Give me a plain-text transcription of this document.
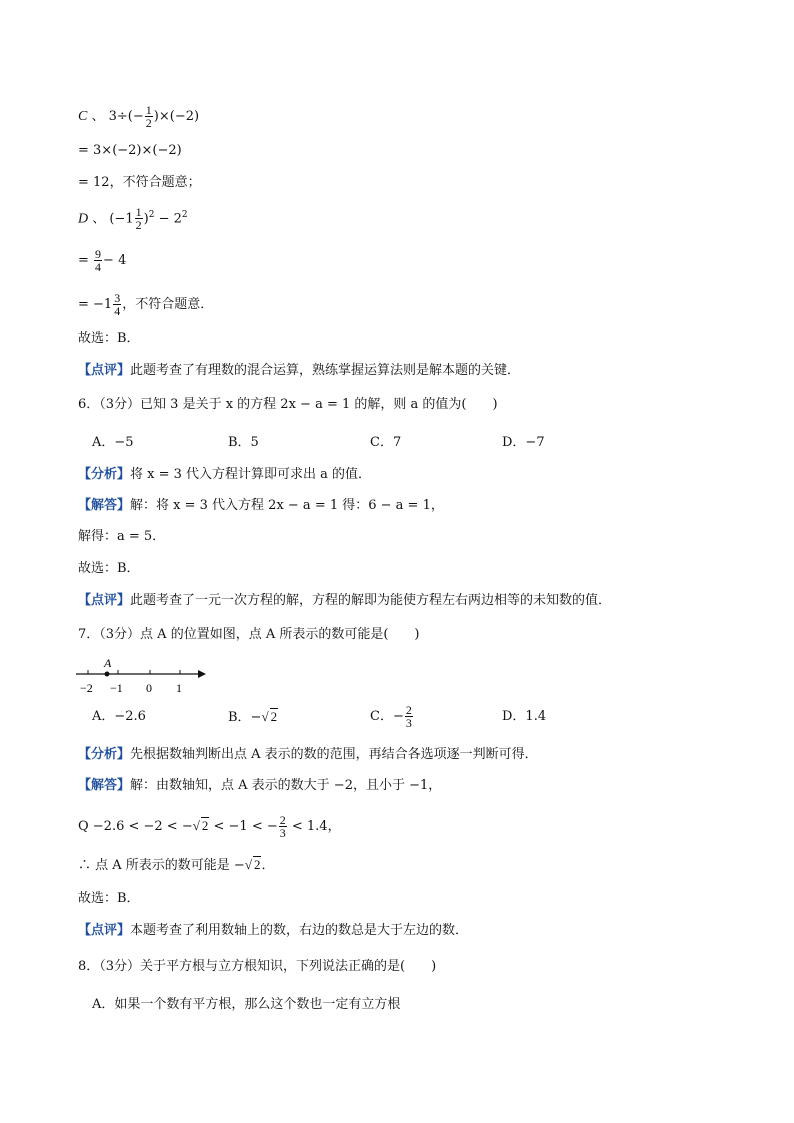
C 、 $3\div(- \frac{1}{2} )\times(-2)$
= 3×(−2)×(−2)
= 12，不符合题意；
D 、 $(-1 \frac{1}{2} )^2 - 2^2$
= $\frac{9}{4} - 4$
= $-1 \frac{3}{4}$ ，不符合题意．
故选：B．
【点评】此题考查了有理数的混合运算，熟练掌握运算法则是解本题的关键．
6．（3分）已知 3 是关于 x 的方程 2x − a = 1 的解，则 a 的值为(　　)
A．−5	B．5	C．7	D．−7
【分析】将 x = 3 代入方程计算即可求出 a 的值．
【解答】解：将 x = 3 代入方程 2x − a = 1 得：6 − a = 1，
解得：a = 5．
故选：B．
【点评】此题考查了一元一次方程的解，方程的解即为能使方程左右两边相等的未知数的值．
7．（3分）点 A 的位置如图，点 A 所表示的数可能是(　　)
A
−2 −1 0 1
A．−2.6	B．−√ 2	C．− $\frac{2}{3}$	D．1.4
【分析】先根据数轴判断出点 A 表示的数的范围，再结合各选项逐一判断可得．
【解答】解：由数轴知，点 A 表示的数大于 −2，且小于 −1，
Q −2.6 < −2 < −√ 2 < −1 < − $\frac{2}{3} < 1.4$，
∴ 点 A 所表示的数可能是 −√ 2．
故选：B．
【点评】本题考查了利用数轴上的数，右边的数总是大于左边的数．
8．（3分）关于平方根与立方根知识，下列说法正确的是(　　)
A．如果一个数有平方根，那么这个数也一定有立方根
